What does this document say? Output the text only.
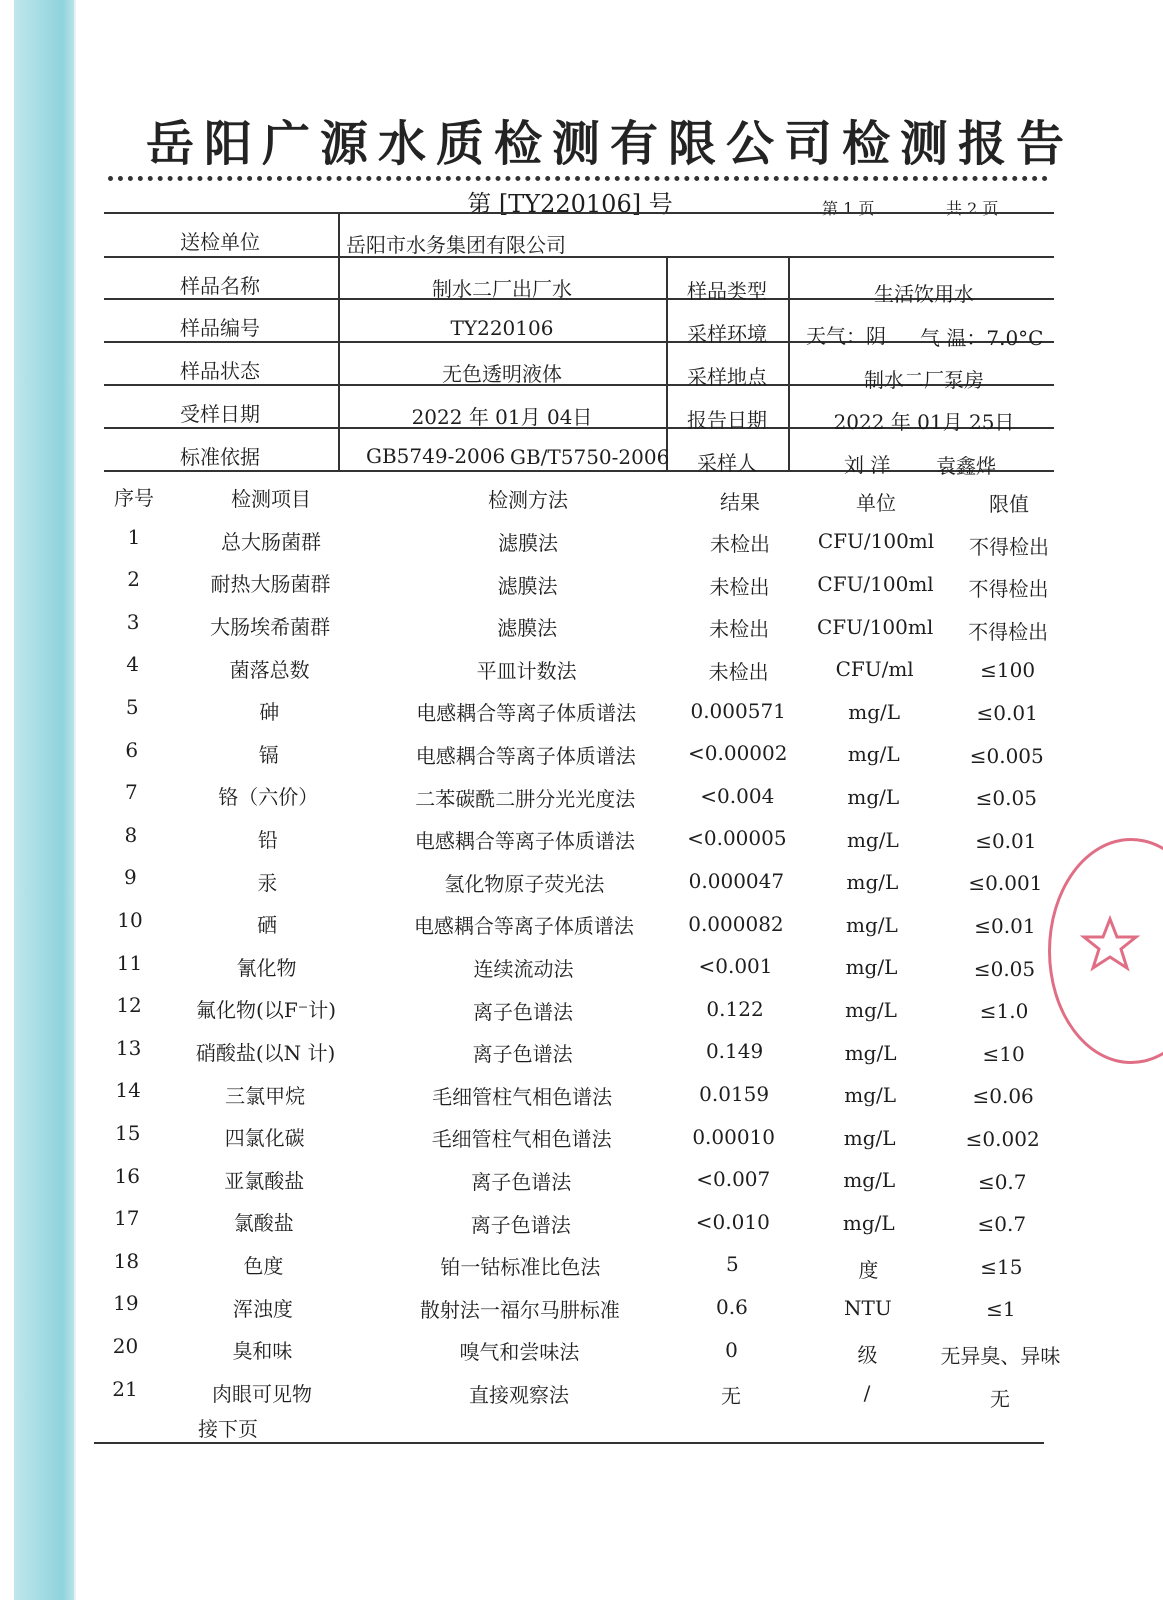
岳阳广源水质检测有限公司检测报告
第 [TY220106] 号	第 1 页	共 2 页
送检单位	岳阳市水务集团有限公司
样品名称	制水二厂出厂水	样品类型	生活饮用水
样品编号	TY220106	采样环境	天气：阴 气 温：7.0°C
样品状态	无色透明液体	采样地点	制水二厂泵房
受样日期	2022 年 01月 04日	报告日期	2022 年 01月 25日
标准依据	GB5749-2006 GB/T5750-2006	采样人	刘 洋 袁鑫烨
序号	检测项目	检测方法	结果	单位	限值
1	总大肠菌群	滤膜法	未检出	CFU/100ml	不得检出
2	耐热大肠菌群	滤膜法	未检出	CFU/100ml	不得检出
3	大肠埃希菌群	滤膜法	未检出	CFU/100ml	不得检出
4	菌落总数	平皿计数法	未检出	CFU/ml	≤100
5	砷	电感耦合等离子体质谱法	0.000571	mg/L	≤0.01
6	镉	电感耦合等离子体质谱法	<0.00002	mg/L	≤0.005
7	铬（六价）	二苯碳酰二肼分光光度法	<0.004	mg/L	≤0.05
8	铅	电感耦合等离子体质谱法	<0.00005	mg/L	≤0.01
9	汞	氢化物原子荧光法	0.000047	mg/L	≤0.001
10	硒	电感耦合等离子体质谱法	0.000082	mg/L	≤0.01
11	氰化物	连续流动法	<0.001	mg/L	≤0.05
12	氟化物(以F⁻计)	离子色谱法	0.122	mg/L	≤1.0
13	硝酸盐(以N 计)	离子色谱法	0.149	mg/L	≤10
14	三氯甲烷	毛细管柱气相色谱法	0.0159	mg/L	≤0.06
15	四氯化碳	毛细管柱气相色谱法	0.00010	mg/L	≤0.002
16	亚氯酸盐	离子色谱法	<0.007	mg/L	≤0.7
17	氯酸盐	离子色谱法	<0.010	mg/L	≤0.7
18	色度	铂一钴标准比色法	5	度	≤15
19	浑浊度	散射法一福尔马肼标准	0.6	NTU	≤1
20	臭和味	嗅气和尝味法	0	级	无异臭、异味
21	肉眼可见物	直接观察法	无	/	无
接下页
